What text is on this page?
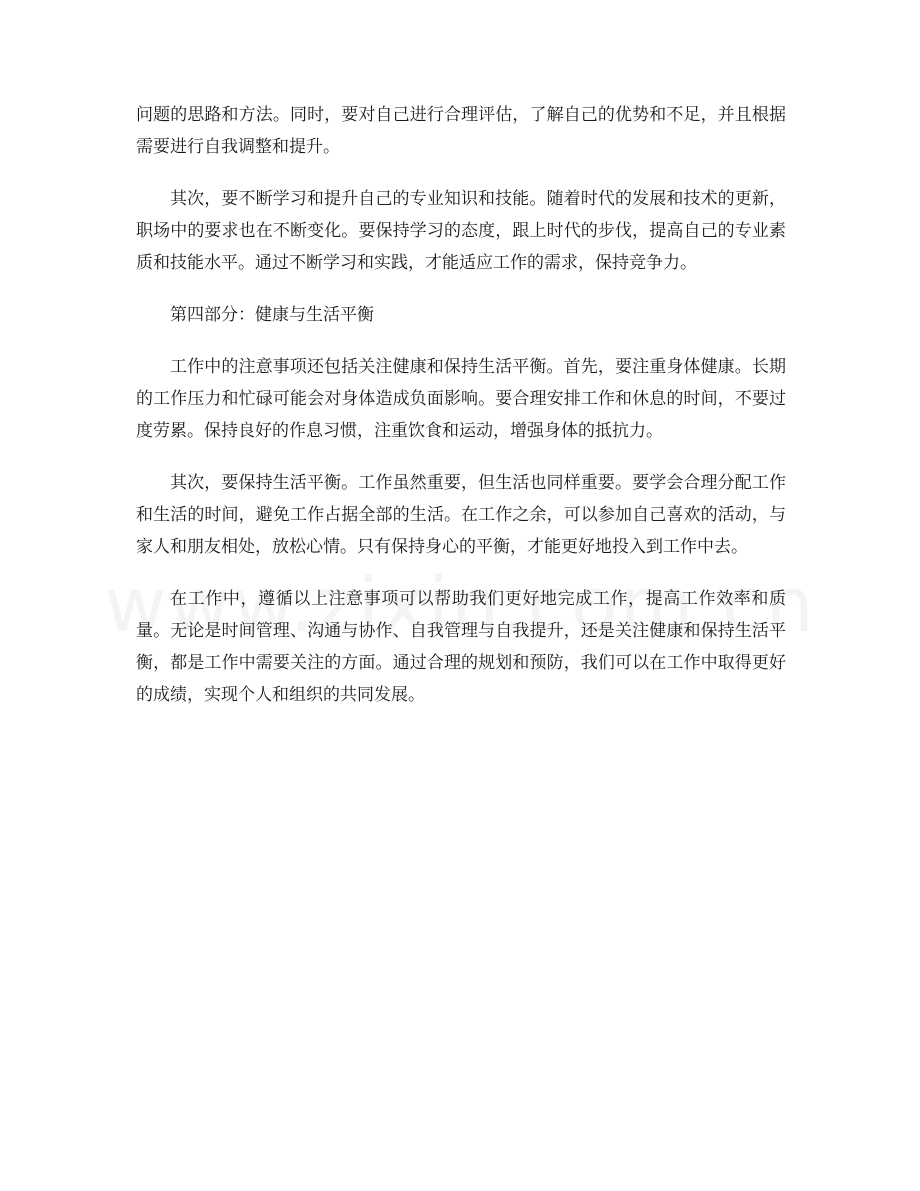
问题的思路和方法。同时，要对自己进行合理评估，了解自己的优势和不足，并且根据需要进行自我调整和提升。

其次，要不断学习和提升自己的专业知识和技能。随着时代的发展和技术的更新，职场中的要求也在不断变化。要保持学习的态度，跟上时代的步伐，提高自己的专业素质和技能水平。通过不断学习和实践，才能适应工作的需求，保持竞争力。

第四部分：健康与生活平衡

工作中的注意事项还包括关注健康和保持生活平衡。首先，要注重身体健康。长期的工作压力和忙碌可能会对身体造成负面影响。要合理安排工作和休息的时间，不要过度劳累。保持良好的作息习惯，注重饮食和运动，增强身体的抵抗力。

其次，要保持生活平衡。工作虽然重要，但生活也同样重要。要学会合理分配工作和生活的时间，避免工作占据全部的生活。在工作之余，可以参加自己喜欢的活动，与家人和朋友相处，放松心情。只有保持身心的平衡，才能更好地投入到工作中去。

在工作中，遵循以上注意事项可以帮助我们更好地完成工作，提高工作效率和质量。无论是时间管理、沟通与协作、自我管理与自我提升，还是关注健康和保持生活平衡，都是工作中需要关注的方面。通过合理的规划和预防，我们可以在工作中取得更好的成绩，实现个人和组织的共同发展。
